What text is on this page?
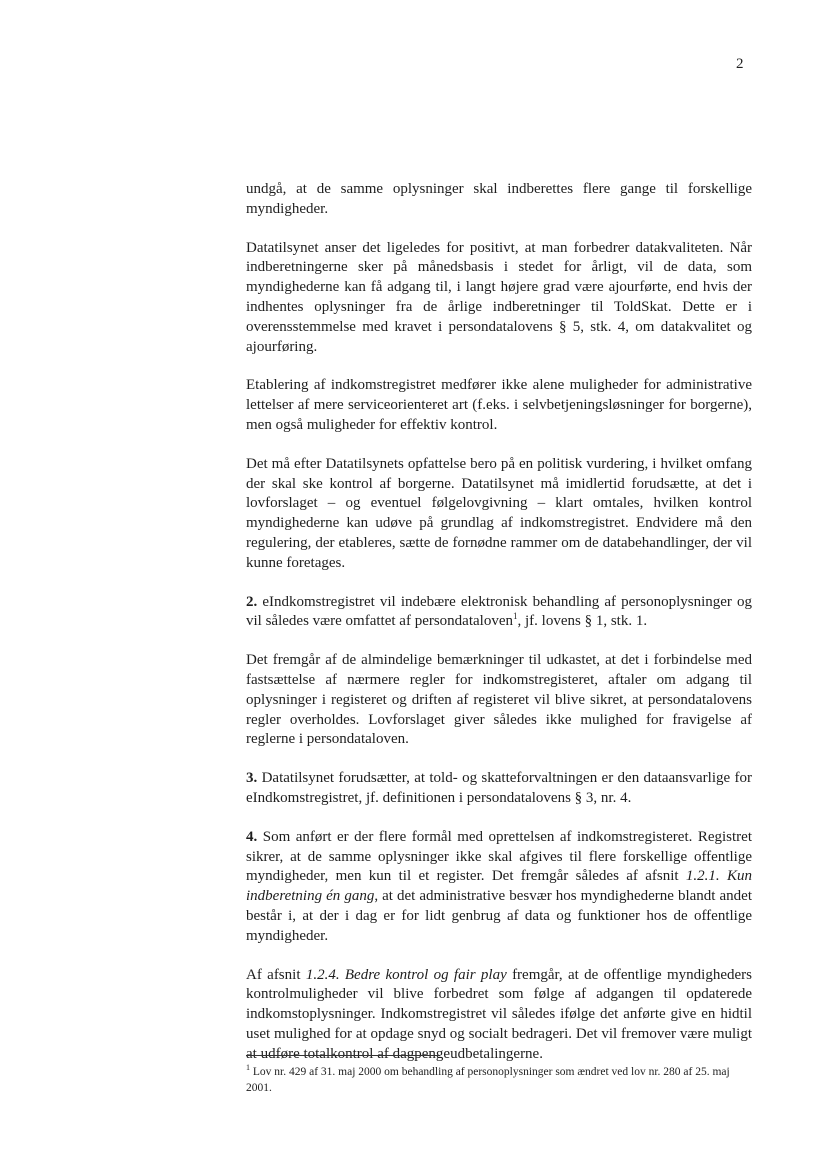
2

undgå, at de samme oplysninger skal indberettes flere gange til forskellige myndigheder.

Datatilsynet anser det ligeledes for positivt, at man forbedrer datakvaliteten. Når indberetningerne sker på månedsbasis i stedet for årligt, vil de data, som myndighederne kan få adgang til, i langt højere grad være ajourførte, end hvis der indhentes oplysninger fra de årlige indberetninger til ToldSkat. Dette er i overensstemmelse med kravet i persondatalovens § 5, stk. 4, om datakvalitet og ajourføring.

Etablering af indkomstregistret medfører ikke alene muligheder for administrative lettelser af mere serviceorienteret art (f.eks. i selvbetjeningsløsninger for borgerne), men også muligheder for effektiv kontrol.

Det må efter Datatilsynets opfattelse bero på en politisk vurdering, i hvilket omfang der skal ske kontrol af borgerne. Datatilsynet må imidlertid forudsætte, at det i lovforslaget – og eventuel følgelovgivning – klart omtales, hvilken kontrol myndighederne kan udøve på grundlag af indkomstregistret. Endvidere må den regulering, der etableres, sætte de fornødne rammer om de databehandlinger, der vil kunne foretages.

2. eIndkomstregistret vil indebære elektronisk behandling af personoplysninger og vil således være omfattet af persondataloven$^1$, jf. lovens § 1, stk. 1.

Det fremgår af de almindelige bemærkninger til udkastet, at det i forbindelse med fastsættelse af nærmere regler for indkomstregisteret, aftaler om adgang til oplysninger i registeret og driften af registeret vil blive sikret, at persondatalovens regler overholdes. Lovforslaget giver således ikke mulighed for fravigelse af reglerne i persondataloven.

3. Datatilsynet forudsætter, at told- og skatteforvaltningen er den dataansvarlige for eIndkomstregistret, jf. definitionen i persondatalovens § 3, nr. 4.

4. Som anført er der flere formål med oprettelsen af indkomstregisteret. Registret sikrer, at de samme oplysninger ikke skal afgives til flere forskellige offentlige myndigheder, men kun til et register. Det fremgår således af afsnit 1.2.1. Kun indberetning én gang, at det administrative besvær hos myndighederne blandt andet består i, at der i dag er for lidt genbrug af data og funktioner hos de offentlige myndigheder.

Af afsnit 1.2.4. Bedre kontrol og fair play fremgår, at de offentlige myndigheders kontrolmuligheder vil blive forbedret som følge af adgangen til opdaterede indkomstoplysninger. Indkomstregistret vil således ifølge det anførte give en hidtil uset mulighed for at opdage snyd og socialt bedrageri. Det vil fremover være muligt at udføre totalkontrol af dagpengeudbetalingerne.

$^1$ Lov nr. 429 af 31. maj 2000 om behandling af personoplysninger som ændret ved lov nr. 280 af 25. maj 2001.
